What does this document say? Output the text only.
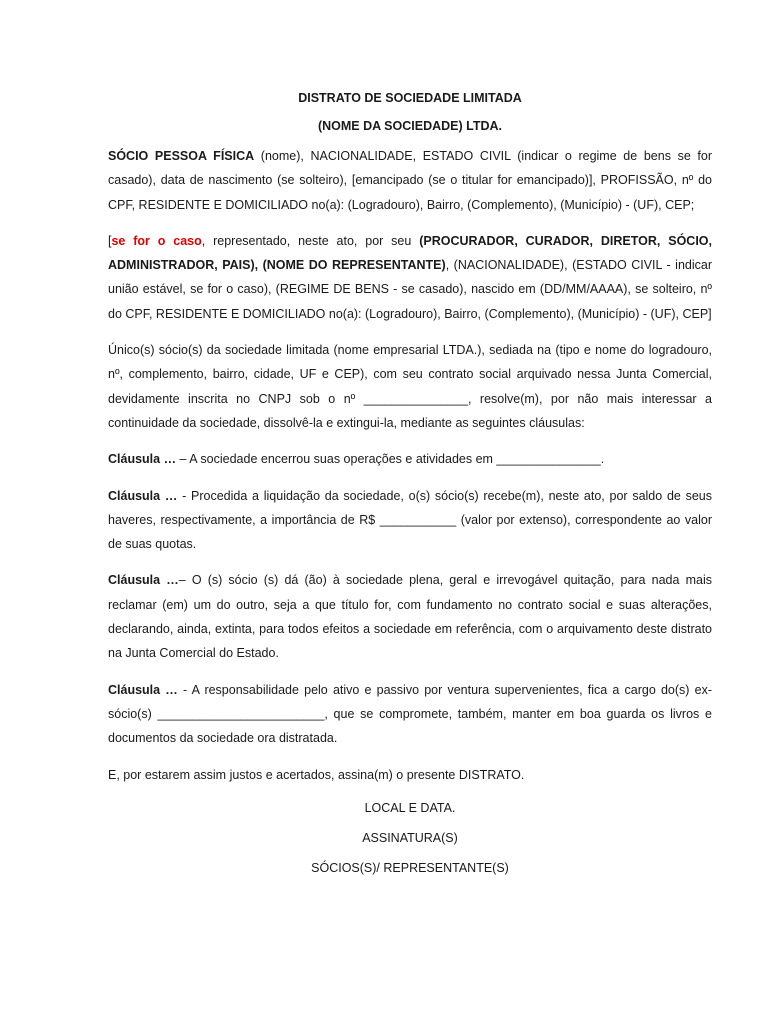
DISTRATO DE SOCIEDADE LIMITADA

(NOME DA SOCIEDADE) LTDA.

SÓCIO PESSOA FÍSICA (nome), NACIONALIDADE, ESTADO CIVIL (indicar o regime de bens se for casado), data de nascimento (se solteiro), [emancipado (se o titular for emancipado)], PROFISSÃO, nº do CPF, RESIDENTE E DOMICILIADO no(a): (Logradouro), Bairro, (Complemento), (Município) - (UF), CEP;

[se for o caso, representado, neste ato, por seu (PROCURADOR, CURADOR, DIRETOR, SÓCIO, ADMINISTRADOR, PAIS), (NOME DO REPRESENTANTE), (NACIONALIDADE), (ESTADO CIVIL - indicar união estável, se for o caso), (REGIME DE BENS - se casado), nascido em (DD/MM/AAAA), se solteiro, nº do CPF, RESIDENTE E DOMICILIADO no(a): (Logradouro), Bairro, (Complemento), (Município) - (UF), CEP]

Único(s) sócio(s) da sociedade limitada (nome empresarial LTDA.), sediada na (tipo e nome do logradouro, nº, complemento, bairro, cidade, UF e CEP), com seu contrato social arquivado nessa Junta Comercial, devidamente inscrita no CNPJ sob o nº _______________, resolve(m), por não mais interessar a continuidade da sociedade, dissolvê-la e extingui-la, mediante as seguintes cláusulas:

Cláusula … – A sociedade encerrou suas operações e atividades em _______________.

Cláusula … - Procedida a liquidação da sociedade, o(s) sócio(s) recebe(m), neste ato, por saldo de seus haveres, respectivamente, a importância de R$ ___________ (valor por extenso), correspondente ao valor de suas quotas.

Cláusula …– O (s) sócio (s) dá (ão) à sociedade plena, geral e irrevogável quitação, para nada mais reclamar (em) um do outro, seja a que título for, com fundamento no contrato social e suas alterações, declarando, ainda, extinta, para todos efeitos a sociedade em referência, com o arquivamento deste distrato na Junta Comercial do Estado.

Cláusula … - A responsabilidade pelo ativo e passivo por ventura supervenientes, fica a cargo do(s) ex-sócio(s) ________________________, que se compromete, também, manter em boa guarda os livros e documentos da sociedade ora distratada.

E, por estarem assim justos e acertados, assina(m) o presente DISTRATO.

LOCAL E DATA.

ASSINATURA(S)

SÓCIOS(S)/ REPRESENTANTE(S)
